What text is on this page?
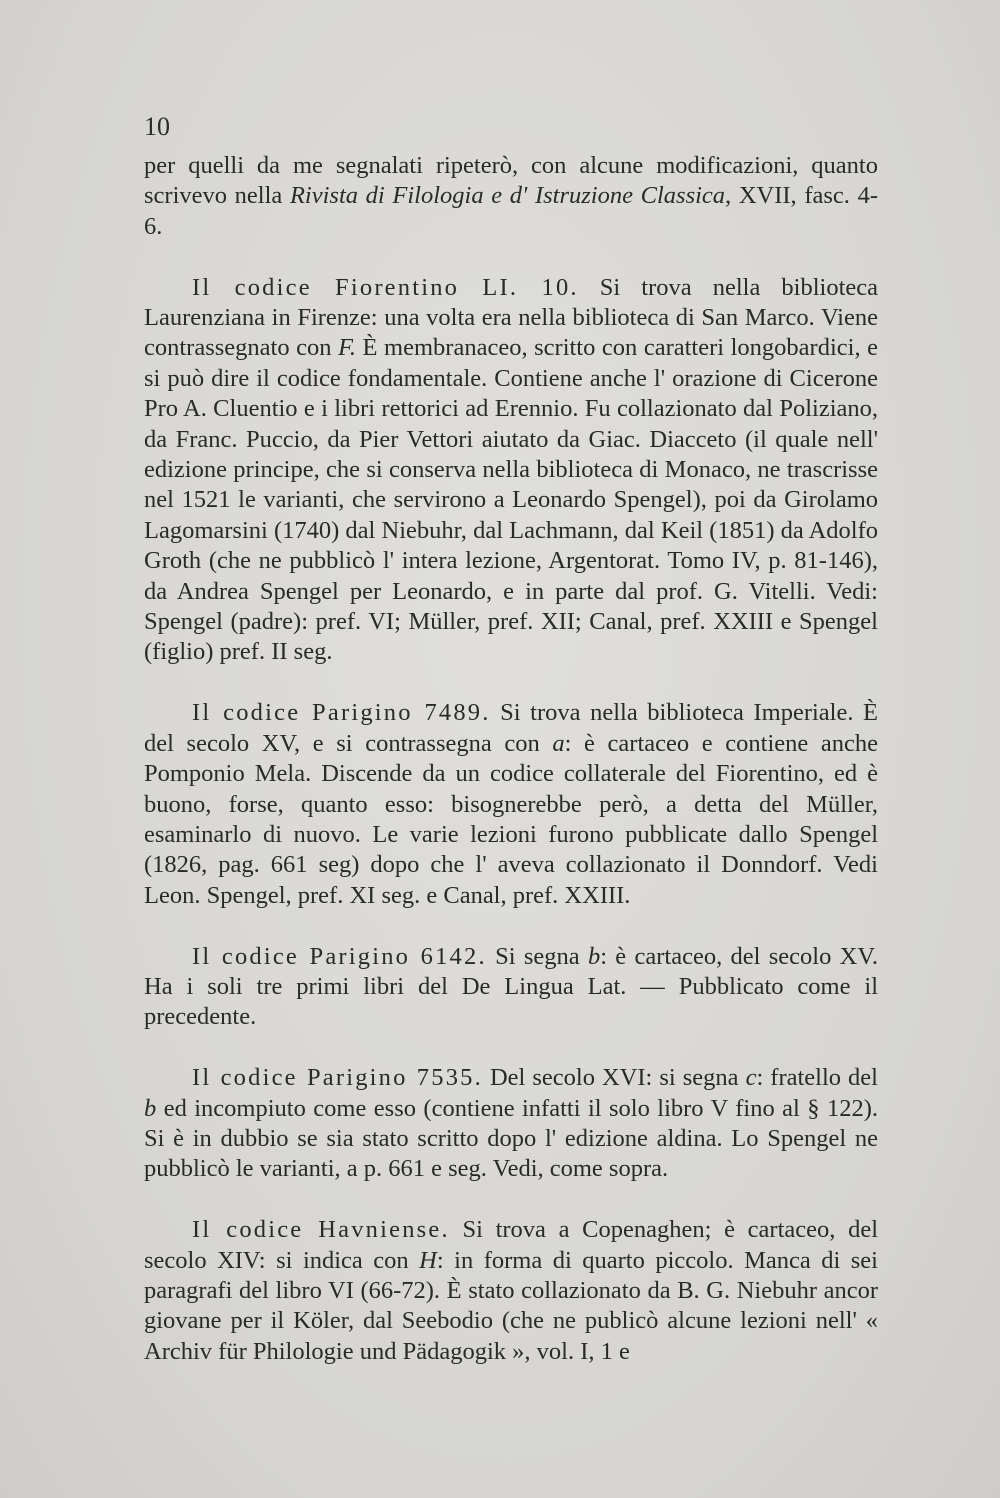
10

per quelli da me segnalati ripeterò, con alcune modificazioni, quanto scrivevo nella Rivista di Filologia e d' Istruzione Classica, XVII, fasc. 4-6.

Il codice Fiorentino LI. 10. Si trova nella biblioteca Laurenziana in Firenze: una volta era nella biblioteca di San Marco. Viene contrassegnato con F. È membranaceo, scritto con caratteri longobardici, e si può dire il codice fondamentale. Contiene anche l' orazione di Cicerone Pro A. Cluentio e i libri rettorici ad Erennio. Fu collazionato dal Poliziano, da Franc. Puccio, da Pier Vettori aiutato da Giac. Diacceto (il quale nell' edizione principe, che si conserva nella biblioteca di Monaco, ne trascrisse nel 1521 le varianti, che servirono a Leonardo Spengel), poi da Girolamo Lagomarsini (1740) dal Niebuhr, dal Lachmann, dal Keil (1851) da Adolfo Groth (che ne pubblicò l' intera lezione, Argentorat. Tomo IV, p. 81-146), da Andrea Spengel per Leonardo, e in parte dal prof. G. Vitelli. Vedi: Spengel (padre): pref. VI; Müller, pref. XII; Canal, pref. XXIII e Spengel (figlio) pref. II seg.

Il codice Parigino 7489. Si trova nella biblioteca Imperiale. È del secolo XV, e si contrassegna con a: è cartaceo e contiene anche Pomponio Mela. Discende da un codice collaterale del Fiorentino, ed è buono, forse, quanto esso: bisognerebbe però, a detta del Müller, esaminarlo di nuovo. Le varie lezioni furono pubblicate dallo Spengel (1826, pag. 661 seg) dopo che l' aveva collazionato il Donndorf. Vedi Leon. Spengel, pref. XI seg. e Canal, pref. XXIII.

Il codice Parigino 6142. Si segna b: è cartaceo, del secolo XV. Ha i soli tre primi libri del De Lingua Lat. — Pubblicato come il precedente.

Il codice Parigino 7535. Del secolo XVI: si segna c: fratello del b ed incompiuto come esso (contiene infatti il solo libro V fino al § 122). Si è in dubbio se sia stato scritto dopo l' edizione aldina. Lo Spengel ne pubblicò le varianti, a p. 661 e seg. Vedi, come sopra.

Il codice Havniense. Si trova a Copenaghen; è cartaceo, del secolo XIV: si indica con H: in forma di quarto piccolo. Manca di sei paragrafi del libro VI (66-72). È stato collazionato da B. G. Niebuhr ancor giovane per il Köler, dal Seebodio (che ne publicò alcune lezioni nell' « Archiv für Philologie und Pädagogik », vol. I, 1 e
